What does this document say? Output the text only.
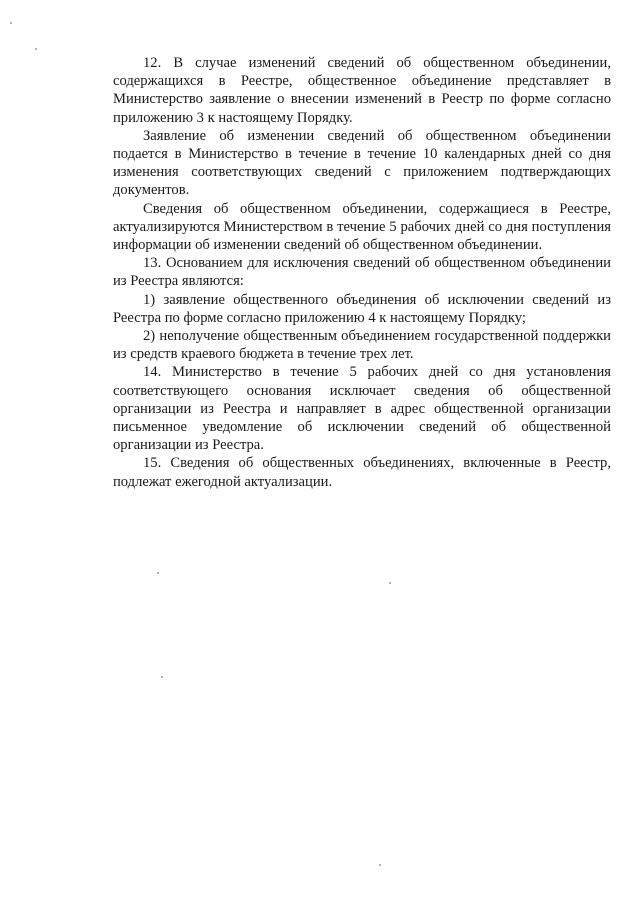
12. В случае изменений сведений об общественном объединении, содержащихся в Реестре, общественное объединение представляет в Министерство заявление о внесении изменений в Реестр по форме согласно приложению 3 к настоящему Порядку.

Заявление об изменении сведений об общественном объединении подается в Министерство в течение в течение 10 календарных дней со дня изменения соответствующих сведений с приложением подтверждающих документов.

Сведения об общественном объединении, содержащиеся в Реестре, актуализируются Министерством в течение 5 рабочих дней со дня поступления информации об изменении сведений об общественном объединении.

13. Основанием для исключения сведений об общественном объединении из Реестра являются:

1) заявление общественного объединения об исключении сведений из Реестра по форме согласно приложению 4 к настоящему Порядку;

2) неполучение общественным объединением государственной поддержки из средств краевого бюджета в течение трех лет.

14. Министерство в течение 5 рабочих дней со дня установления соответствующего основания исключает сведения об общественной организации из Реестра и направляет в адрес общественной организации письменное уведомление об исключении сведений об общественной организации из Реестра.

15. Сведения об общественных объединениях, включенные в Реестр, подлежат ежегодной актуализации.
